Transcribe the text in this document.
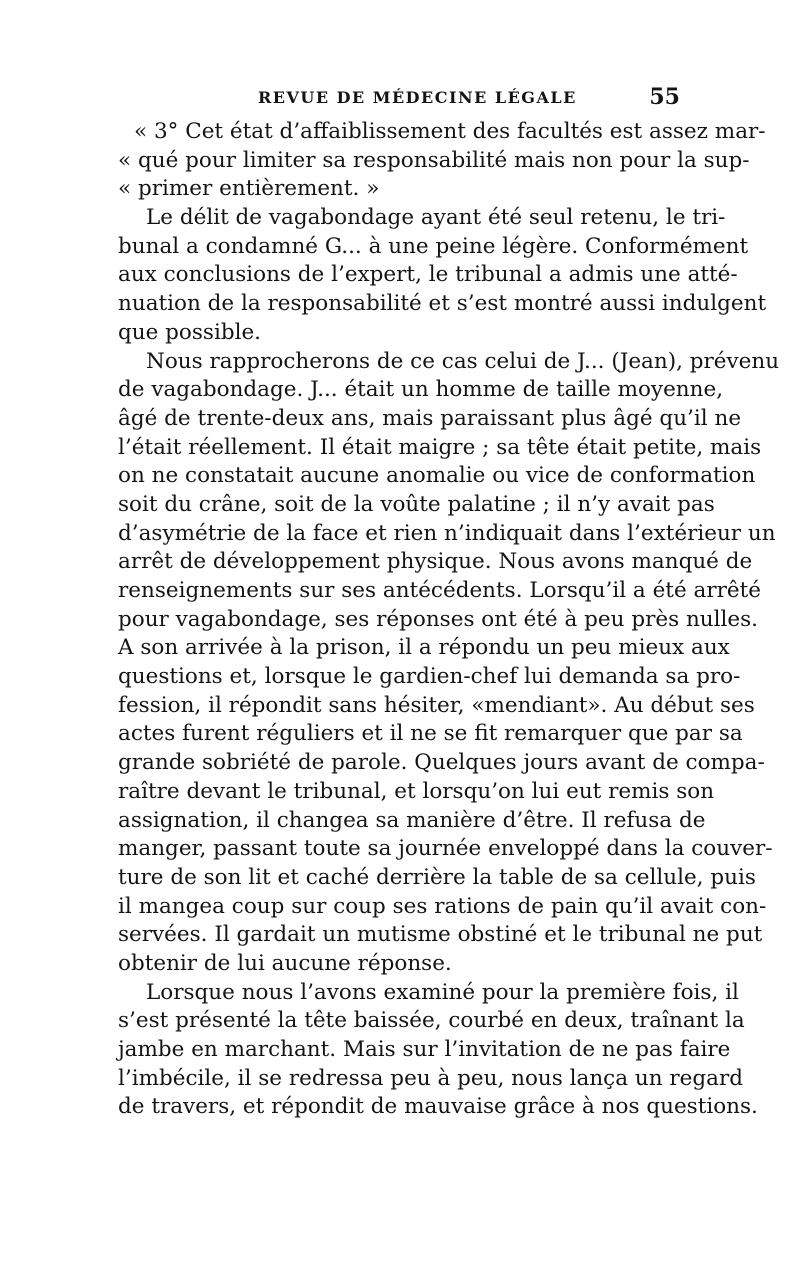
REVUE DE MÉDECINE LÉGALE	55
« 3° Cet état d’affaiblissement des facultés est assez mar-
« qué pour limiter sa responsabilité mais non pour la sup-
« primer entièrement. »
Le délit de vagabondage ayant été seul retenu, le tri-
bunal a condamné G... à une peine légère. Conformément
aux conclusions de l’expert, le tribunal a admis une atté-
nuation de la responsabilité et s’est montré aussi indulgent
que possible.
Nous rapprocherons de ce cas celui de J... (Jean), prévenu
de vagabondage. J... était un homme de taille moyenne,
âgé de trente-deux ans, mais paraissant plus âgé qu’il ne
l’était réellement. Il était maigre ; sa tête était petite, mais
on ne constatait aucune anomalie ou vice de conformation
soit du crâne, soit de la voûte palatine ; il n’y avait pas
d’asymétrie de la face et rien n’indiquait dans l’extérieur un
arrêt de développement physique. Nous avons manqué de
renseignements sur ses antécédents. Lorsqu’il a été arrêté
pour vagabondage, ses réponses ont été à peu près nulles.
A son arrivée à la prison, il a répondu un peu mieux aux
questions et, lorsque le gardien-chef lui demanda sa pro-
fession, il répondit sans hésiter, «mendiant». Au début ses
actes furent réguliers et il ne se fit remarquer que par sa
grande sobriété de parole. Quelques jours avant de compa-
raître devant le tribunal, et lorsqu’on lui eut remis son
assignation, il changea sa manière d’être. Il refusa de
manger, passant toute sa journée enveloppé dans la couver-
ture de son lit et caché derrière la table de sa cellule, puis
il mangea coup sur coup ses rations de pain qu’il avait con-
servées. Il gardait un mutisme obstiné et le tribunal ne put
obtenir de lui aucune réponse.
Lorsque nous l’avons examiné pour la première fois, il
s’est présenté la tête baissée, courbé en deux, traînant la
jambe en marchant. Mais sur l’invitation de ne pas faire
l’imbécile, il se redressa peu à peu, nous lança un regard
de travers, et répondit de mauvaise grâce à nos questions.
